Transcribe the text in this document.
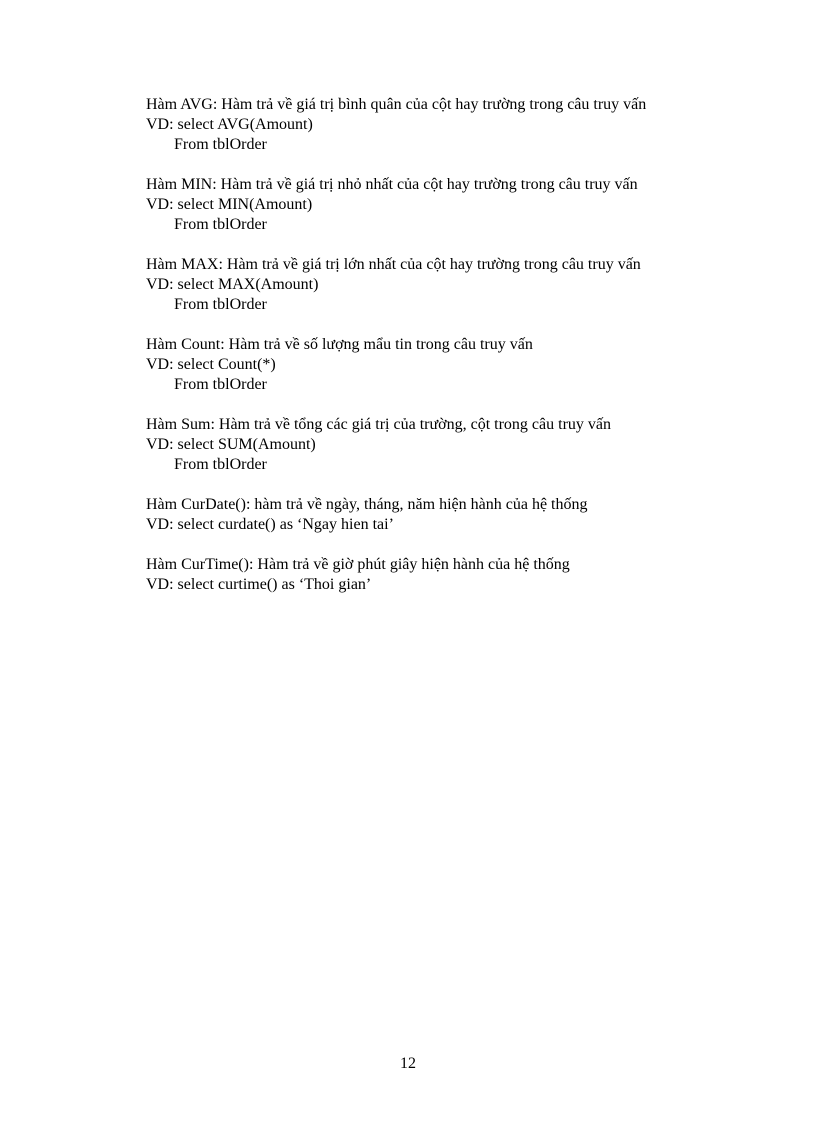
Hàm AVG: Hàm trả về giá trị bình quân của cột hay trường trong câu truy vấn
VD: select AVG(Amount)
From tblOrder
Hàm MIN: Hàm trả về giá trị nhỏ nhất của cột hay trường trong câu truy vấn
VD: select MIN(Amount)
From tblOrder
Hàm MAX: Hàm trả về giá trị lớn nhất của cột hay trường trong câu truy vấn
VD: select MAX(Amount)
From tblOrder
Hàm Count: Hàm trả về số lượng mẩu tin trong câu truy vấn
VD: select Count(*)
From tblOrder
Hàm Sum: Hàm trả về tổng các giá trị của trường, cột trong câu truy vấn
VD: select SUM(Amount)
From tblOrder
Hàm CurDate(): hàm trả về ngày, tháng, năm hiện hành của hệ thống
VD: select curdate() as ‘Ngay hien tai’
Hàm CurTime(): Hàm trả về giờ phút giây hiện hành của hệ thống
VD: select curtime() as ‘Thoi gian’
12
